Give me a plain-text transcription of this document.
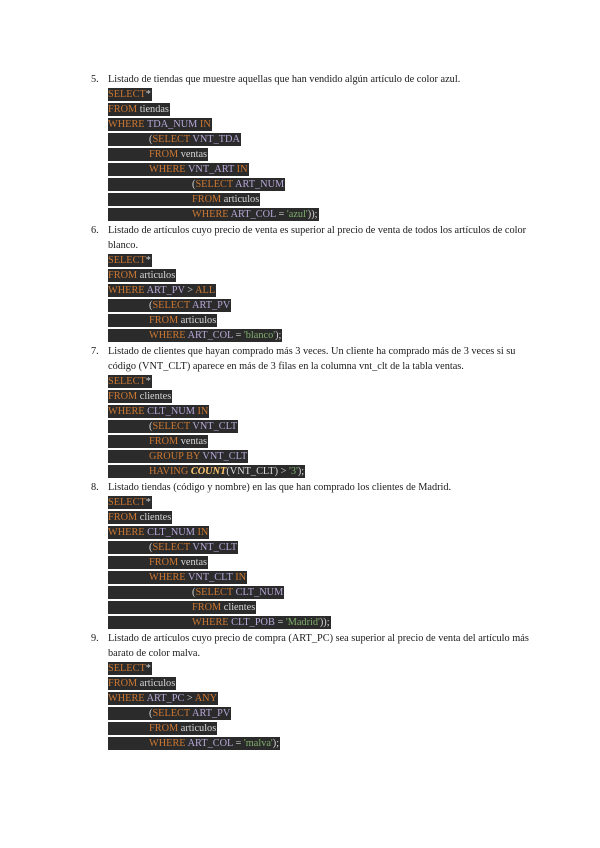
5. Listado de tiendas que muestre aquellas que han vendido algún artículo de color azul.
SELECT*
FROM tiendas
WHERE TDA_NUM IN
(SELECT VNT_TDA
FROM ventas
WHERE VNT_ART IN
(SELECT ART_NUM
FROM articulos
WHERE ART_COL = 'azul'));
6. Listado de artículos cuyo precio de venta es superior al precio de venta de todos los artículos de color blanco.
SELECT*
FROM articulos
WHERE ART_PV > ALL
(SELECT ART_PV
FROM articulos
WHERE ART_COL = 'blanco');
7. Listado de clientes que hayan comprado más 3 veces. Un cliente ha comprado más de 3 veces si su código (VNT_CLT) aparece en más de 3 filas en la columna vnt_clt de la tabla ventas.
SELECT*
FROM clientes
WHERE CLT_NUM IN
(SELECT VNT_CLT
FROM ventas
GROUP BY VNT_CLT
HAVING COUNT(VNT_CLT) > '3');
8. Listado tiendas (código y nombre) en las que han comprado los clientes de Madrid.
SELECT*
FROM clientes
WHERE CLT_NUM IN
(SELECT VNT_CLT
FROM ventas
WHERE VNT_CLT IN
(SELECT CLT_NUM
FROM clientes
WHERE CLT_POB = 'Madrid'));
9. Listado de artículos cuyo precio de compra (ART_PC) sea superior al precio de venta del artículo más barato de color malva.
SELECT*
FROM articulos
WHERE ART_PC > ANY
(SELECT ART_PV
FROM articulos
WHERE ART_COL = 'malva');
